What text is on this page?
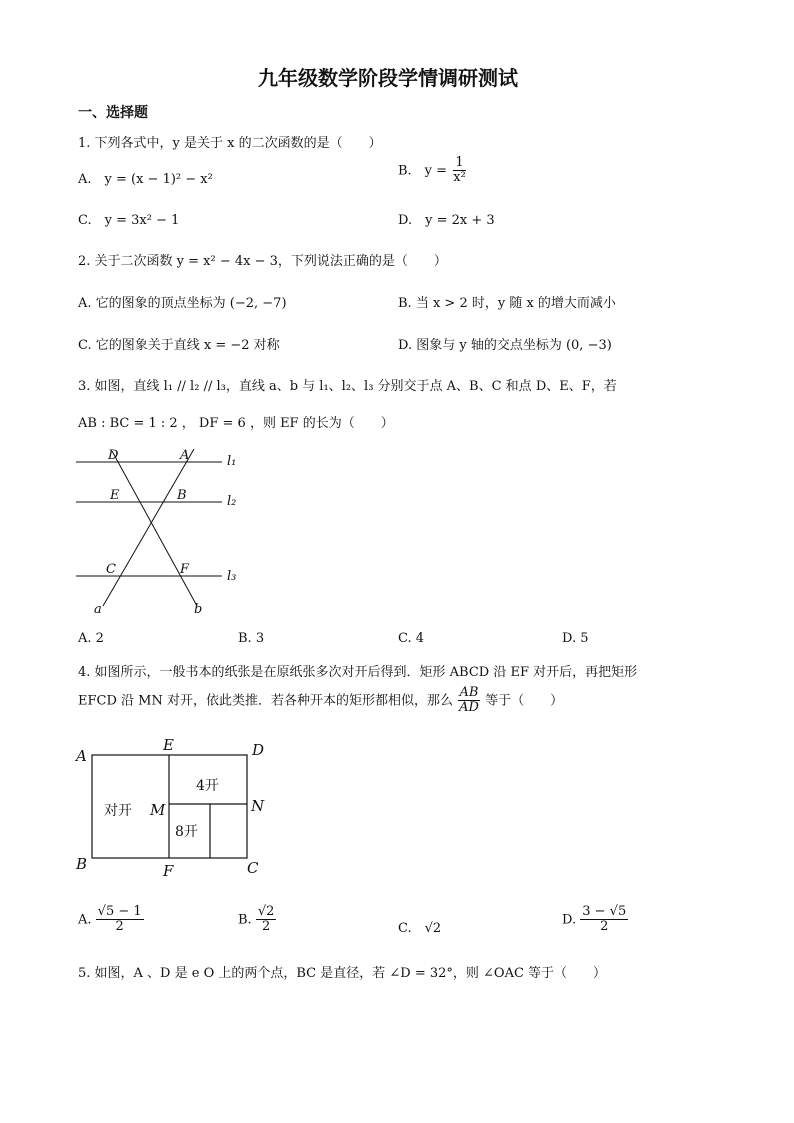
九年级数学阶段学情调研测试
一、选择题
1. 下列各式中，y 是关于 x 的二次函数的是（　　）
A.　y = (x − 1)² − x²
B.　$y = \frac{1}{\text{x²}}$
C.　y = 3x² − 1	D.　y = 2x + 3
2. 关于二次函数 y = x² − 4x − 3，下列说法正确的是（　　）
A. 它的图象的顶点坐标为 (−2, −7)	B. 当 x > 2 时，y 随 x 的增大而减小
C. 它的图象关于直线 x = −2 对称	D. 图象与 y 轴的交点坐标为 (0, −3)
3. 如图，直线 l₁ // l₂ // l₃，直线 a、b 与 l₁、l₂、l₃ 分别交于点 A、B、C 和点 D、E、F，若
AB : BC = 1 : 2 ， DF = 6 ，则 EF 的长为（　　）
D	A	l₁
E	B	l₂
C	F	l₃
a	b
A. 2	B. 3	C. 4	D. 5
4. 如图所示，一般书本的纸张是在原纸张多次对开后得到．矩形 ABCD 沿 EF 对开后，再把矩形
EFCD 沿 MN 对开，依此类推．若各种开本的矩形都相似，那么 $\frac{AB}{AD}$ 等于（　　）
A
E	D
N
M
B	F	C
对开
4开
8开
A. $\frac{√5 - 1}{2}$	B. $\frac{√2}{2}$	C.　√2
D. $\frac{3 - √5}{2}$
5. 如图，A 、D 是 e O 上的两个点，BC 是直径，若 ∠D = 32°，则 ∠OAC 等于（　　）
